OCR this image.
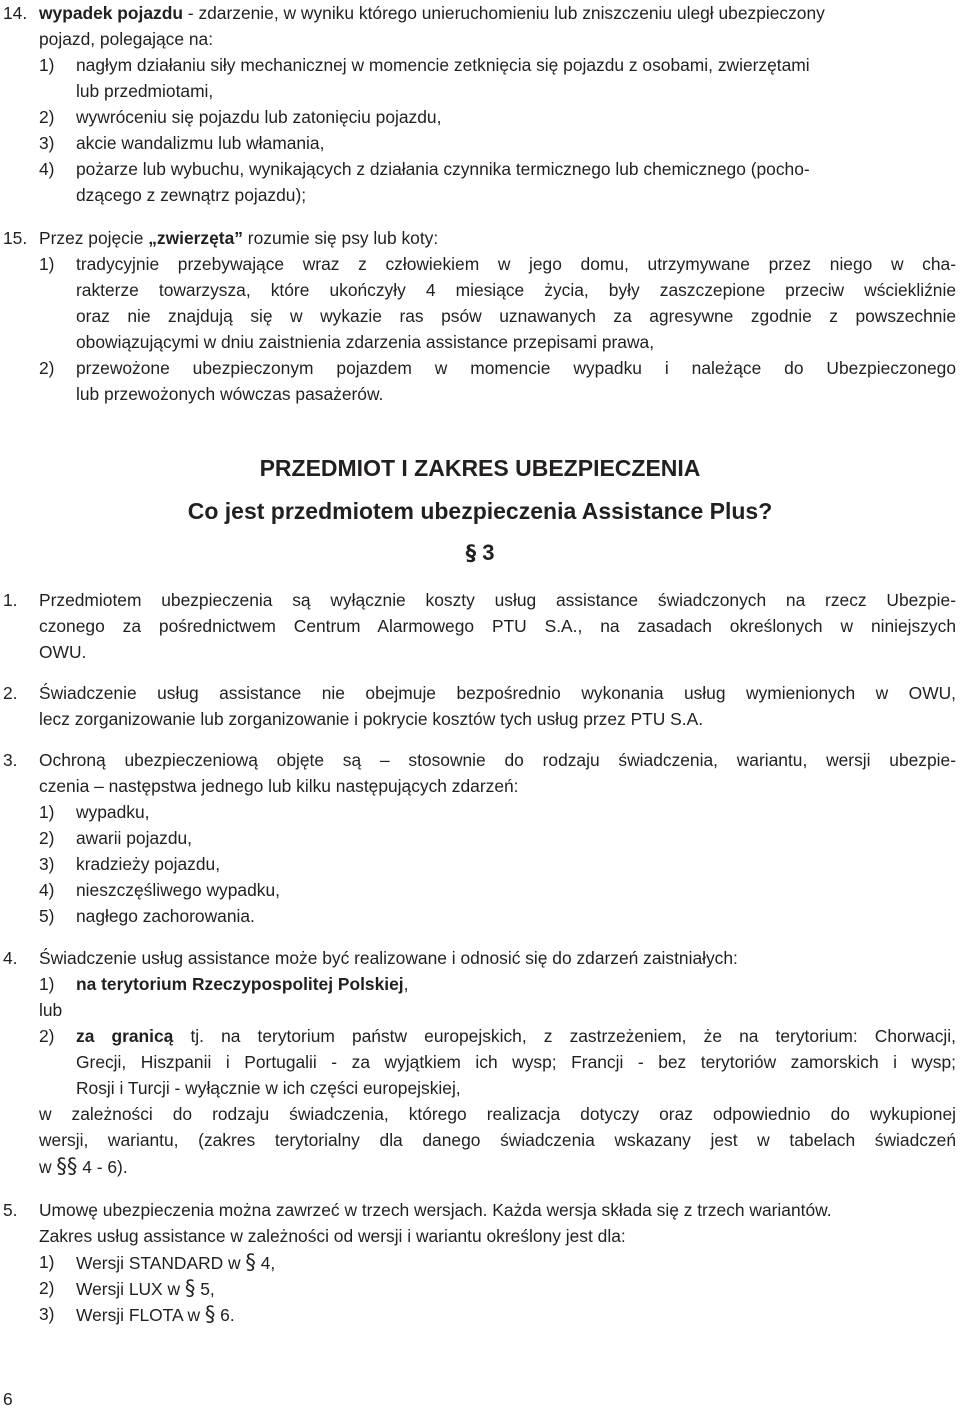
14. wypadek pojazdu - zdarzenie, w wyniku którego unieruchomieniu lub zniszczeniu uległ ubezpieczony
pojazd, polegające na:
1) nagłym działaniu siły mechanicznej w momencie zetknięcia się pojazdu z osobami, zwierzętami
lub przedmiotami,
2) wywróceniu się pojazdu lub zatonięciu pojazdu,
3) akcie wandalizmu lub włamania,
4) pożarze lub wybuchu, wynikających z działania czynnika termicznego lub chemicznego (pocho-
dzącego z zewnątrz pojazdu);
15. Przez pojęcie „zwierzęta” rozumie się psy lub koty:
1) tradycyjnie przebywające wraz z człowiekiem w jego domu, utrzymywane przez niego w cha-
rakterze towarzysza, które ukończyły 4 miesiące życia, były zaszczepione przeciw wściekliźnie
oraz nie znajdują się w wykazie ras psów uznawanych za agresywne zgodnie z powszechnie
obowiązującymi w dniu zaistnienia zdarzenia assistance przepisami prawa,
2) przewożone ubezpieczonym pojazdem w momencie wypadku i należące do Ubezpieczonego
lub przewożonych wówczas pasażerów.
PRZEDMIOT I ZAKRES UBEZPIECZENIA
Co jest przedmiotem ubezpieczenia Assistance Plus?
§ 3
1. Przedmiotem ubezpieczenia są wyłącznie koszty usług assistance świadczonych na rzecz Ubezpie-
czonego za pośrednictwem Centrum Alarmowego PTU S.A., na zasadach określonych w niniejszych
OWU.
2. Świadczenie usług assistance nie obejmuje bezpośrednio wykonania usług wymienionych w OWU,
lecz zorganizowanie lub zorganizowanie i pokrycie kosztów tych usług przez PTU S.A.
3. Ochroną ubezpieczeniową objęte są – stosownie do rodzaju świadczenia, wariantu, wersji ubezpie-
czenia – następstwa jednego lub kilku następujących zdarzeń:
1) wypadku,
2) awarii pojazdu,
3) kradzieży pojazdu,
4) nieszczęśliwego wypadku,
5) nagłego zachorowania.
4. Świadczenie usług assistance może być realizowane i odnosić się do zdarzeń zaistniałych:
1) na terytorium Rzeczypospolitej Polskiej,
lub
2) za granicą tj. na terytorium państw europejskich, z zastrzeżeniem, że na terytorium: Chorwacji,
Grecji, Hiszpanii i Portugalii - za wyjątkiem ich wysp; Francji - bez terytoriów zamorskich i wysp;
Rosji i Turcji - wyłącznie w ich części europejskiej,
w zależności do rodzaju świadczenia, którego realizacja dotyczy oraz odpowiednio do wykupionej
wersji, wariantu, (zakres terytorialny dla danego świadczenia wskazany jest w tabelach świadczeń
w §§ 4 - 6).
5. Umowę ubezpieczenia można zawrzeć w trzech wersjach. Każda wersja składa się z trzech wariantów.
Zakres usług assistance w zależności od wersji i wariantu określony jest dla:
1) Wersji STANDARD w § 4,
2) Wersji LUX w § 5,
3) Wersji FLOTA w § 6.
6
